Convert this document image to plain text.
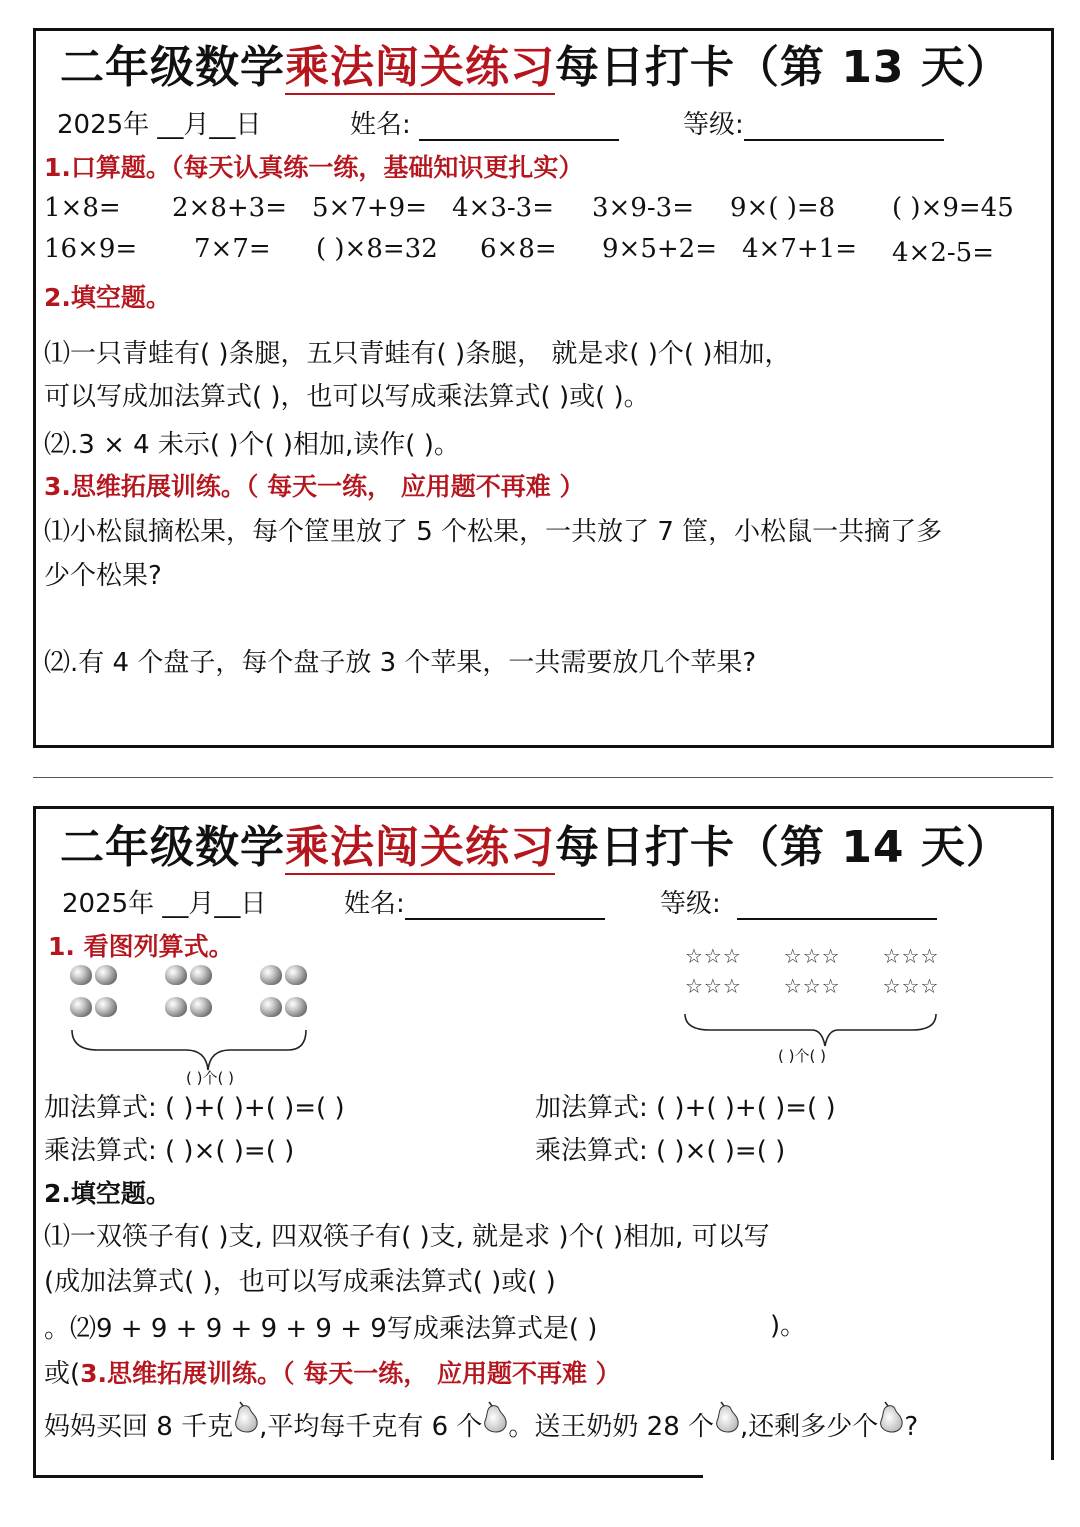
二年级数学乘法闯关练习每日打卡（第 13 天）
2025年 __月__日	姓名:	等级:
1.口算题。（每天认真练一练，基础知识更扎实）
1×8=	2×8+3= 5×7+9= 4×3-3=	3×9-3=	9×( )=8	( )×9=45
16×9=	7×7=	( )×8=32	6×8=	9×5+2= 4×7+1=	4×2-5=
2.填空题。
⑴一只青蛙有( )条腿，五只青蛙有( )条腿， 就是求( )个( )相加，
可以写成加法算式( )，也可以写成乘法算式( )或( )。
⑵.3 × 4 未示( )个( )相加,读作( )。
3.思维拓展训练。（ 每天一练， 应用题不再难 ）
⑴小松鼠摘松果，每个筐里放了 5 个松果，一共放了 7 筐，小松鼠一共摘了多
少个松果?
⑵.有 4 个盘子，每个盘子放 3 个苹果，一共需要放几个苹果?
二年级数学乘法闯关练习每日打卡（第 14 天）
2025年 __月__日	姓名:	等级:
1. 看图列算式。
( )个( )
☆☆☆ ☆☆☆ ☆☆☆
☆☆☆ ☆☆☆ ☆☆☆
( )个( )
加法算式: ( )+( )+( )=( )	加法算式: ( )+( )+( )=( )
乘法算式: ( )×( )=( )	乘法算式: ( )×( )=( )
2.填空题。
⑴一双筷子有( )支, 四双筷子有( )支, 就是求 )个( )相加, 可以写
(成加法算式( )，也可以写成乘法算式( )或( )
。⑵9 + 9 + 9 + 9 + 9 + 9写成乘法算式是( )	)。
或(3.思维拓展训练。（ 每天一练， 应用题不再难 ）
妈妈买回 8 千克 ,平均每千克有 6 个 。送王奶奶 28 个 ,还剩多少个 ?
